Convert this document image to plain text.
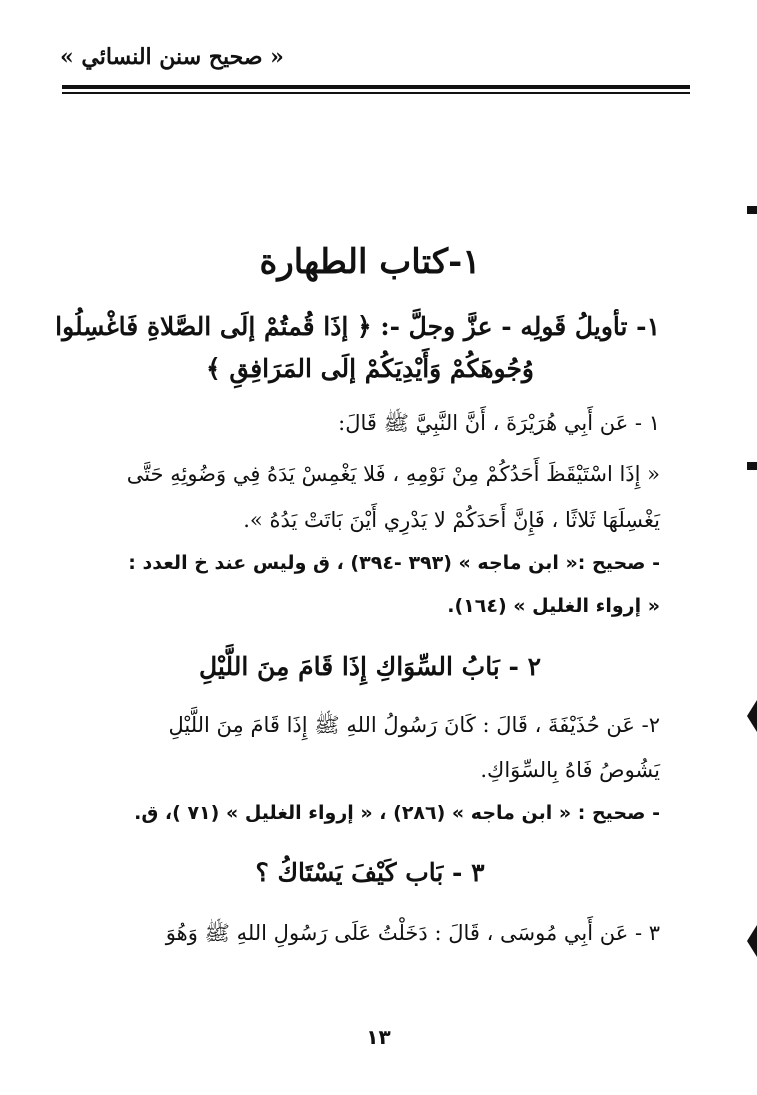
« صحيح سنن النسائي »
١-كتاب الطهارة
١- تأويلُ قَولِه - عزَّ وجلَّ -: ﴿ إذَا قُمتُمْ إلَى الصَّلاةِ فَاغْسِلُوا
وُجُوهَكُمْ وَأَيْدِيَكُمْ إلَى المَرَافِقِ ﴾
١ - عَن أَبِي هُرَيْرَةَ ، أَنَّ النَّبِيَّ ﷺ قَالَ:
« إِذَا اسْتَيْقَظَ أَحَدُكُمْ مِنْ نَوْمِهِ ، فَلا يَغْمِسْ يَدَهُ فِي وَضُوئِهِ حَتَّى
يَغْسِلَهَا ثَلاثًا ، فَإِنَّ أَحَدَكُمْ لا يَدْرِي أَيْنَ بَاتَتْ يَدُهُ ».
- صحيح :« ابن ماجه » (٣٩٣ -٣٩٤) ، ق وليس عند خ العدد :
« إرواء الغليل » (١٦٤).
٢ - بَابُ السِّوَاكِ إِذَا قَامَ مِنَ اللَّيْلِ
٢- عَن حُذَيْفَةَ ، قَالَ : كَانَ رَسُولُ اللهِ ﷺ إِذَا قَامَ مِنَ اللَّيْلِ
يَشُوصُ فَاهُ بِالسِّوَاكِ.
- صحيح : « ابن ماجه » (٢٨٦) ، « إرواء الغليل » (٧١ )، ق.
٣ - بَاب كَيْفَ يَسْتَاكُ ؟
٣ - عَن أَبِي مُوسَى ، قَالَ : دَخَلْتُ عَلَى رَسُولِ اللهِ ﷺ وَهُوَ
١٣
